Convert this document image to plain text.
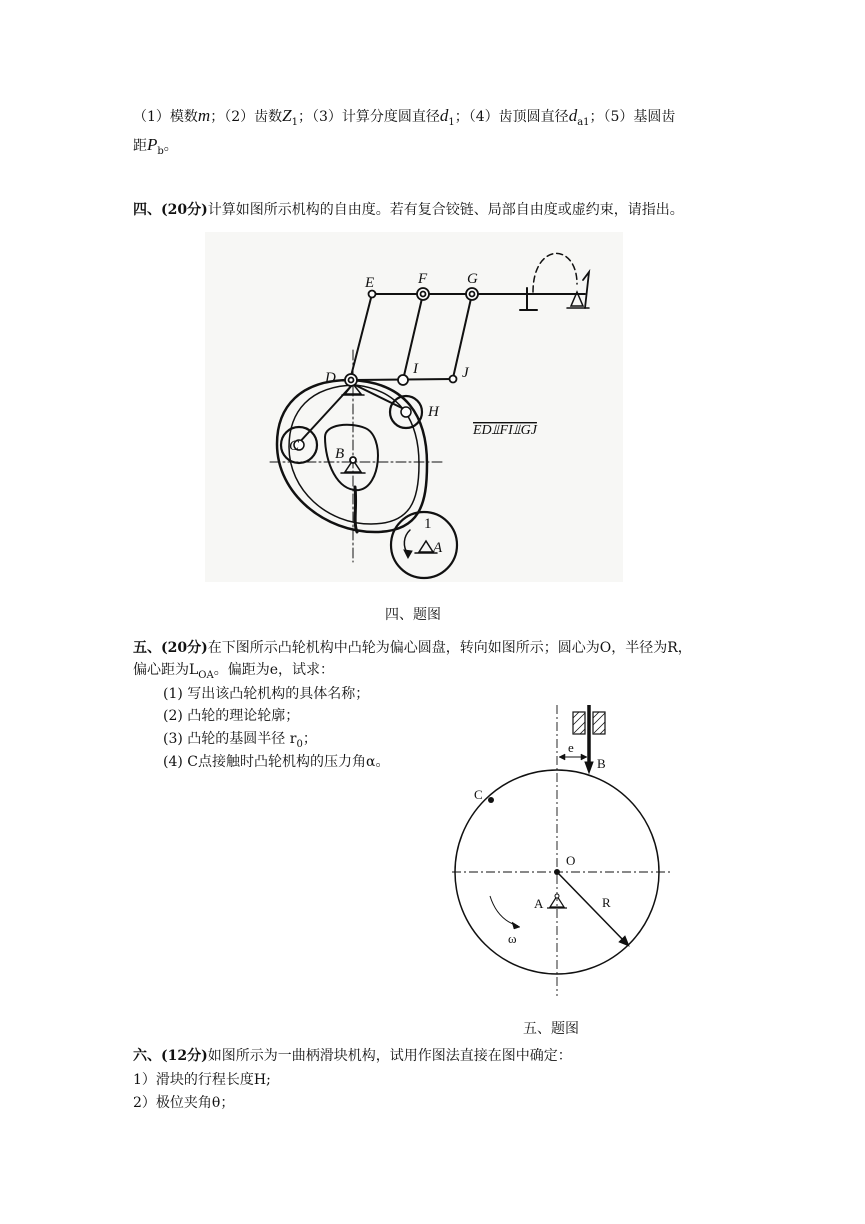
（1）模数m；（2）齿数$Z_1$；（3）计算分度圆直径$d_1$；（4）齿顶圆直径$d_{a1}$；（5）基圆齿
距$P_b$。
四、(20分)计算如图所示机构的自由度。若有复合铰链、局部自由度或虚约束，请指出。
E	F	G
D
I	J
H
C B
A
1
ED⫫FI⫫GJ
四、题图
五、(20分)在下图所示凸轮机构中凸轮为偏心圆盘，转向如图所示；圆心为O，半径为R，
偏心距为$L_{OA}$。偏距为e，试求：
(1) 写出该凸轮机构的具体名称；
(2) 凸轮的理论轮廓；
(3) 凸轮的基圆半径 $r_0$；
(4) C点接触时凸轮机构的压力角α。
e
B
C
O
A	R
ω
五、题图
六、(12分)如图所示为一曲柄滑块机构，试用作图法直接在图中确定：
1）滑块的行程长度H;
2）极位夹角θ；
